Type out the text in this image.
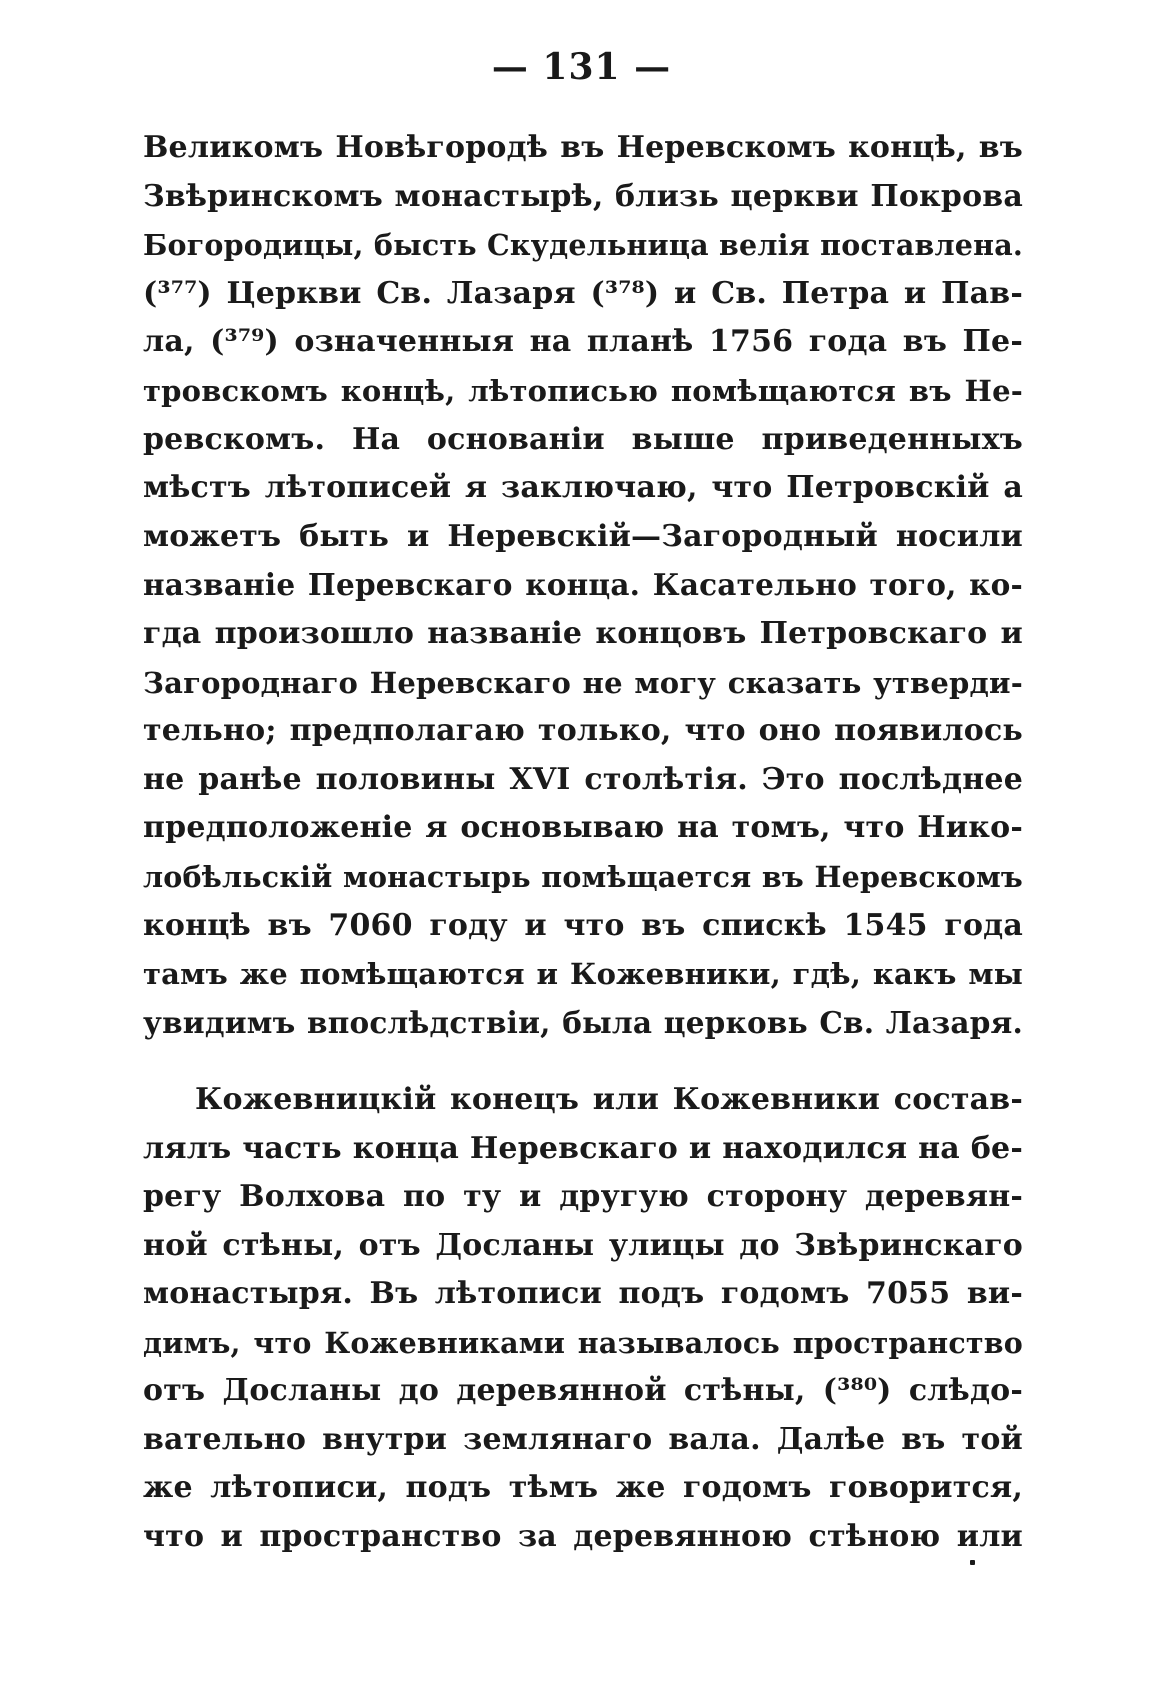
— 131 —
Великомъ Новѣгородѣ въ Неревскомъ концѣ, въ
Звѣринскомъ монастырѣ, близь церкви Покрова
Богородицы, бысть Скудельница велія поставлена.
(³⁷⁷) Церкви Св. Лазаря (³⁷⁸) и Св. Петра и Пав-
ла, (³⁷⁹) означенныя на планѣ 1756 года въ Пе-
тровскомъ концѣ, лѣтописью помѣщаются въ Не-
ревскомъ. На основаніи выше приведенныхъ
мѣстъ лѣтописей я заключаю, что Петровскій а
можетъ быть и Неревскій—Загородный носили
названіе Перевскаго конца. Касательно того, ко-
гда произошло названіе концовъ Петровскаго и
Загороднаго Неревскаго не могу сказать утверди-
тельно; предполагаю только, что оно появилось
не ранѣе половины XVI столѣтія. Это послѣднее
предположеніе я основываю на томъ, что Нико-
лобѣльскій монастырь помѣщается въ Неревскомъ
концѣ въ 7060 году и что въ спискѣ 1545 года
тамъ же помѣщаются и Кожевники, гдѣ, какъ мы
увидимъ впослѣдствіи, была церковь Св. Лазаря.
Кожевницкій конецъ или Кожевники состав-
лялъ часть конца Неревскаго и находился на бе-
регу Волхова по ту и другую сторону деревян-
ной стѣны, отъ Досланы улицы до Звѣринскаго
монастыря. Въ лѣтописи подъ годомъ 7055 ви-
димъ, что Кожевниками называлось пространство
отъ Досланы до деревянной стѣны, (³⁸⁰) слѣдо-
вательно внутри землянаго вала. Далѣе въ той
же лѣтописи, подъ тѣмъ же годомъ говорится,
что и пространство за деревянною стѣною или
